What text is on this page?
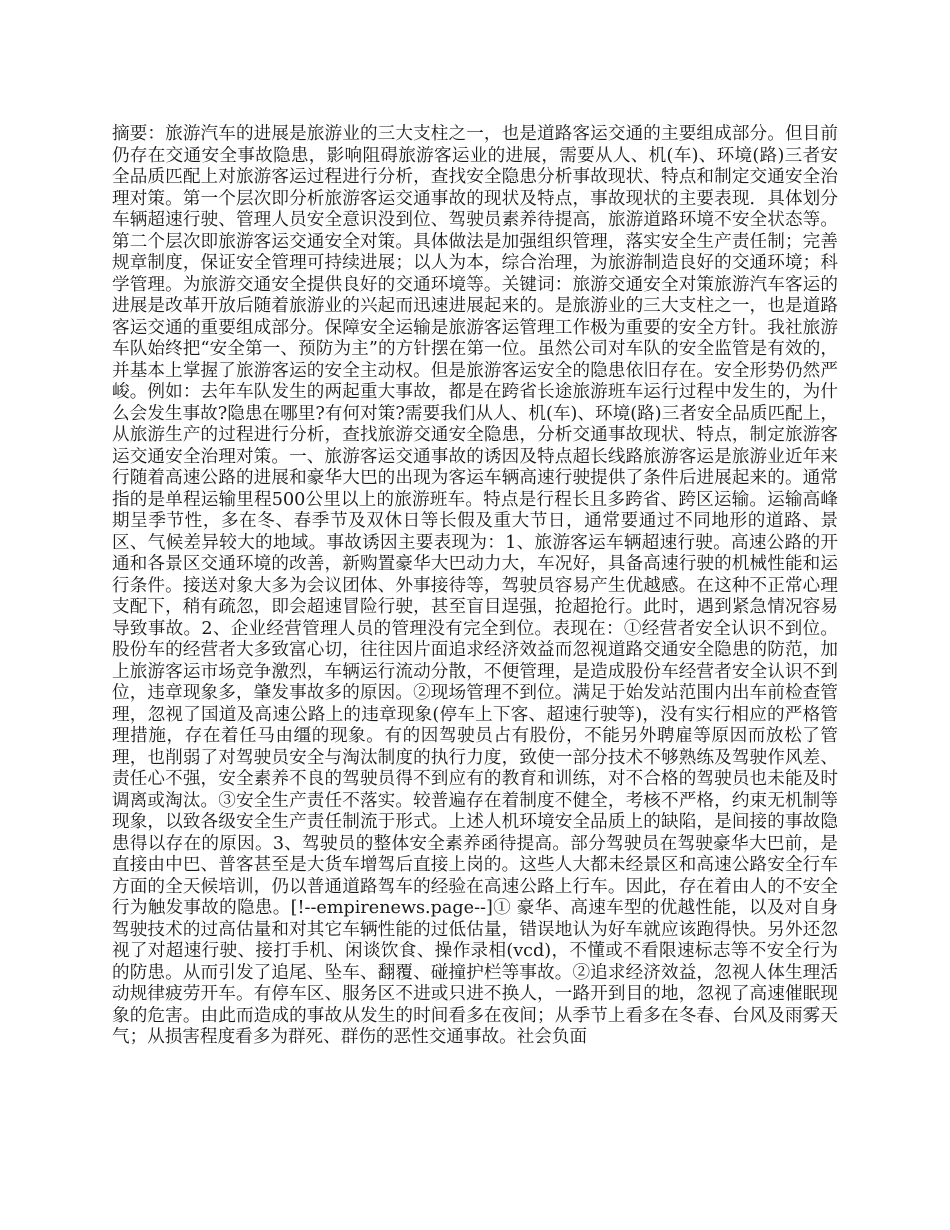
摘要：旅游汽车的进展是旅游业的三大支柱之一，也是道路客运交通的主要组成部分。但目前仍存在交通安全事故隐患，影响阻碍旅游客运业的进展，需要从人、机(车)、环境(路)三者安全品质匹配上对旅游客运过程进行分析，查找安全隐患分析事故现状、特点和制定交通安全治理对策。第一个层次即分析旅游客运交通事故的现状及特点，事故现状的主要表现．具体划分车辆超速行驶、管理人员安全意识没到位、驾驶员素养待提高，旅游道路环境不安全状态等。第二个层次即旅游客运交通安全对策。具体做法是加强组织管理，落实安全生产责任制；完善规章制度，保证安全管理可持续进展；以人为本，综合治理，为旅游制造良好的交通环境；科学管理。为旅游交通安全提供良好的交通环境等。关键词：旅游交通安全对策旅游汽车客运的进展是改革开放后随着旅游业的兴起而迅速进展起来的。是旅游业的三大支柱之一，也是道路客运交通的重要组成部分。保障安全运输是旅游客运管理工作极为重要的安全方针。我社旅游车队始终把“安全第一、预防为主”的方针摆在第一位。虽然公司对车队的安全监管是有效的，并基本上掌握了旅游客运的安全主动权。但是旅游客运安全的隐患依旧存在。安全形势仍然严峻。例如：去年车队发生的两起重大事故，都是在跨省长途旅游班车运行过程中发生的，为什么会发生事故?隐患在哪里?有何对策?需要我们从人、机(车)、环境(路)三者安全品质匹配上，从旅游生产的过程进行分析，查找旅游交通安全隐患，分析交通事故现状、特点，制定旅游客运交通安全治理对策。一、旅游客运交通事故的诱因及特点超长线路旅游客运是旅游业近年来行随着高速公路的进展和豪华大巴的出现为客运车辆高速行驶提供了条件后进展起来的。通常指的是单程运输里程500公里以上的旅游班车。特点是行程长且多跨省、跨区运输。运输高峰期呈季节性，多在冬、春季节及双休日等长假及重大节日，通常要通过不同地形的道路、景区、气候差异较大的地域。事故诱因主要表现为：1、旅游客运车辆超速行驶。高速公路的开通和各景区交通环境的改善，新购置豪华大巴动力大，车况好，具备高速行驶的机械性能和运行条件。接送对象大多为会议团体、外事接待等，驾驶员容易产生优越感。在这种不正常心理支配下，稍有疏忽，即会超速冒险行驶，甚至盲目逞强，抢超抢行。此时，遇到紧急情况容易导致事故。2、企业经营管理人员的管理没有完全到位。表现在：①经营者安全认识不到位。股份车的经营者大多致富心切，往往因片面追求经济效益而忽视道路交通安全隐患的防范，加上旅游客运市场竞争激烈，车辆运行流动分散，不便管理，是造成股份车经营者安全认识不到位，违章现象多，肇发事故多的原因。②现场管理不到位。满足于始发站范围内出车前检查管理，忽视了国道及高速公路上的违章现象(停车上下客、超速行驶等)，没有实行相应的严格管理措施，存在着任马由缰的现象。有的因驾驶员占有股份，不能另外聘雇等原因而放松了管理，也削弱了对驾驶员安全与淘汰制度的执行力度，致使一部分技术不够熟练及驾驶作风差、责任心不强，安全素养不良的驾驶员得不到应有的教育和训练，对不合格的驾驶员也未能及时调离或淘汰。③安全生产责任不落实。较普遍存在着制度不健全，考核不严格，约束无机制等现象，以致各级安全生产责任制流于形式。上述人机环境安全品质上的缺陷，是间接的事故隐患得以存在的原因。3、驾驶员的整体安全素养函待提高。部分驾驶员在驾驶豪华大巴前，是直接由中巴、普客甚至是大货车增驾后直接上岗的。这些人大都未经景区和高速公路安全行车方面的全天候培训，仍以普通道路驾车的经验在高速公路上行车。因此，存在着由人的不安全行为触发事故的隐患。[!--empirenews.page--]① 豪华、高速车型的优越性能，以及对自身驾驶技术的过高估量和对其它车辆性能的过低估量，错误地认为好车就应该跑得快。另外还忽视了对超速行驶、接打手机、闲谈饮食、操作录相(vcd)，不懂或不看限速标志等不安全行为的防患。从而引发了追尾、坠车、翻覆、碰撞护栏等事故。②追求经济效益，忽视人体生理活动规律疲劳开车。有停车区、服务区不进或只进不换人，一路开到目的地，忽视了高速催眠现象的危害。由此而造成的事故从发生的时间看多在夜间；从季节上看多在冬春、台风及雨雾天气；从损害程度看多为群死、群伤的恶性交通事故。社会负面
